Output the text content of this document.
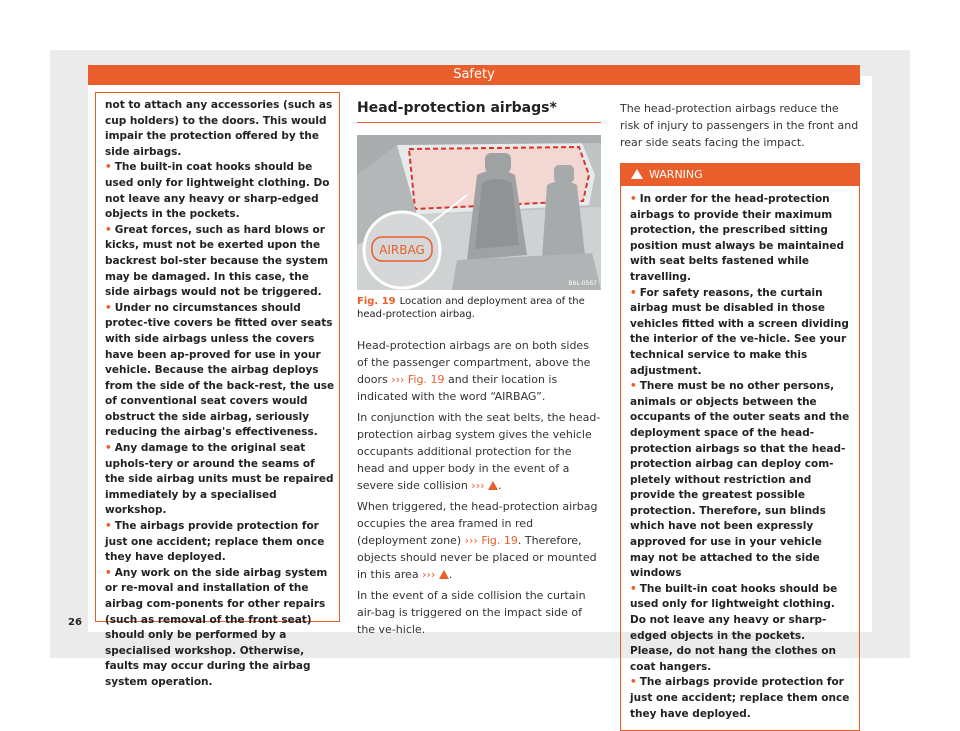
Safety

not to attach any accessories (such as cup holders) to the doors. This would impair the protection offered by the side airbags.

• The built-in coat hooks should be used only for lightweight clothing. Do not leave any heavy or sharp-edged objects in the pockets.

• Great forces, such as hard blows or kicks, must not be exerted upon the backrest bol-ster because the system may be damaged. In this case, the side airbags would not be triggered.

• Under no circumstances should protec-tive covers be fitted over seats with side airbags unless the covers have been ap-proved for use in your vehicle. Because the airbag deploys from the side of the back-rest, the use of conventional seat covers would obstruct the side airbag, seriously reducing the airbag's effectiveness.

• Any damage to the original seat uphols-tery or around the seams of the side airbag units must be repaired immediately by a specialised workshop.

• The airbags provide protection for just one accident; replace them once they have deployed.

• Any work on the side airbag system or re-moval and installation of the airbag com-ponents for other repairs (such as removal of the front seat) should only be performed by a specialised workshop. Otherwise, faults may occur during the airbag system operation.

Head-protection airbags*
AIRBAG
B6L-0567
Fig. 19 Location and deployment area of the head-protection airbag.

Head-protection airbags are on both sides of the passenger compartment, above the doors ››› Fig. 19 and their location is indicated with the word “AIRBAG”.

In conjunction with the seat belts, the head-protection airbag system gives the vehicle occupants additional protection for the head and upper body in the event of a severe side collision ››› .

When triggered, the head-protection airbag occupies the area framed in red (deployment zone) ››› Fig. 19. Therefore, objects should never be placed or mounted in this area ››› .

In the event of a side collision the curtain air-bag is triggered on the impact side of the ve-hicle.

The head-protection airbags reduce the risk of injury to passengers in the front and rear side seats facing the impact.
WARNING

• In order for the head-protection airbags to provide their maximum protection, the prescribed sitting position must always be maintained with seat belts fastened while travelling.

• For safety reasons, the curtain airbag must be disabled in those vehicles fitted with a screen dividing the interior of the ve-hicle. See your technical service to make this adjustment.

• There must be no other persons, animals or objects between the occupants of the outer seats and the deployment space of the head-protection airbags so that the head-protection airbag can deploy com-pletely without restriction and provide the greatest possible protection. Therefore, sun blinds which have not been expressly approved for use in your vehicle may not be attached to the side windows

• The built-in coat hooks should be used only for lightweight clothing. Do not leave any heavy or sharp-edged objects in the pockets. Please, do not hang the clothes on coat hangers.

• The airbags provide protection for just one accident; replace them once they have deployed.

26
